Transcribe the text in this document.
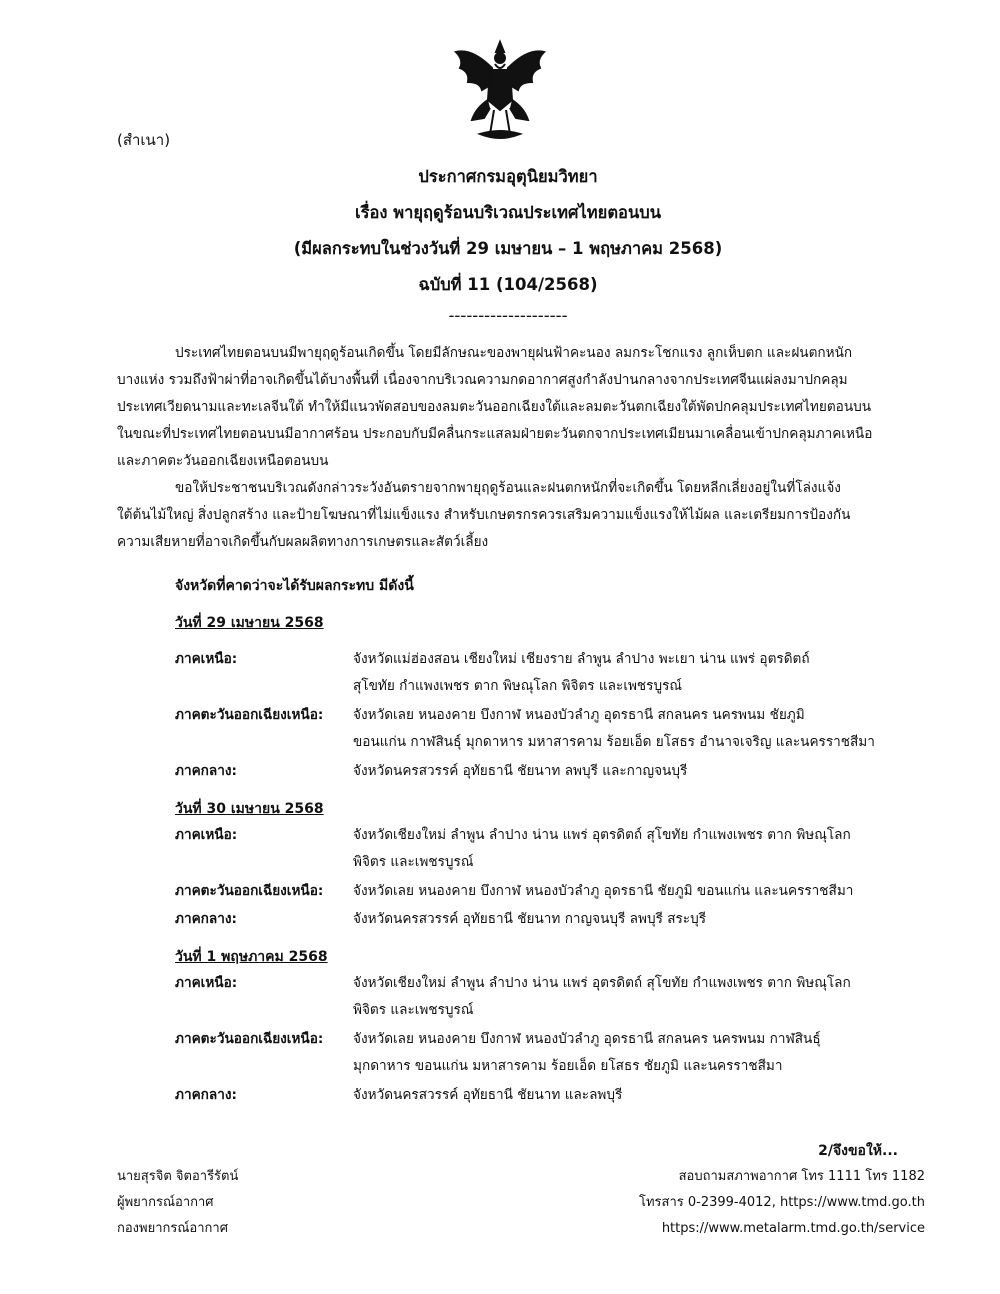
(สำเนา)
ประกาศกรมอุตุนิยมวิทยา
เรื่อง พายุฤดูร้อนบริเวณประเทศไทยตอนบน
(มีผลกระทบในช่วงวันที่ 29 เมษายน – 1 พฤษภาคม 2568)
ฉบับที่ 11 (104/2568)
--------------------

ประเทศไทยตอนบนมีพายุฤดูร้อนเกิดขึ้น โดยมีลักษณะของพายุฝนฟ้าคะนอง ลมกระโชกแรง ลูกเห็บตก และฝนตกหนัก

บางแห่ง รวมถึงฟ้าผ่าที่อาจเกิดขึ้นได้บางพื้นที่ เนื่องจากบริเวณความกดอากาศสูงกำลังปานกลางจากประเทศจีนแผ่ลงมาปกคลุม

ประเทศเวียดนามและทะเลจีนใต้ ทำให้มีแนวพัดสอบของลมตะวันออกเฉียงใต้และลมตะวันตกเฉียงใต้พัดปกคลุมประเทศไทยตอนบน

ในขณะที่ประเทศไทยตอนบนมีอากาศร้อน ประกอบกับมีคลื่นกระแสลมฝ่ายตะวันตกจากประเทศเมียนมาเคลื่อนเข้าปกคลุมภาคเหนือ

และภาคตะวันออกเฉียงเหนือตอนบน

ขอให้ประชาชนบริเวณดังกล่าวระวังอันตรายจากพายุฤดูร้อนและฝนตกหนักที่จะเกิดขึ้น โดยหลีกเลี่ยงอยู่ในที่โล่งแจ้ง

ใต้ต้นไม้ใหญ่ สิ่งปลูกสร้าง และป้ายโฆษณาที่ไม่แข็งแรง สำหรับเกษตรกรควรเสริมความแข็งแรงให้ไม้ผล และเตรียมการป้องกัน

ความเสียหายที่อาจเกิดขึ้นกับผลผลิตทางการเกษตรและสัตว์เลี้ยง

จังหวัดที่คาดว่าจะได้รับผลกระทบ มีดังนี้
วันที่ 29 เมษายน 2568
ภาคเหนือ:	จังหวัดแม่ฮ่องสอน เชียงใหม่ เชียงราย ลำพูน ลำปาง พะเยา น่าน แพร่ อุตรดิตถ์
สุโขทัย กำแพงเพชร ตาก พิษณุโลก พิจิตร และเพชรบูรณ์
ภาคตะวันออกเฉียงเหนือ: จังหวัดเลย หนองคาย บึงกาฬ หนองบัวลำภู อุดรธานี สกลนคร นครพนม ชัยภูมิ
ขอนแก่น กาฬสินธุ์ มุกดาหาร มหาสารคาม ร้อยเอ็ด ยโสธร อำนาจเจริญ และนครราชสีมา
ภาคกลาง:	จังหวัดนครสวรรค์ อุทัยธานี ชัยนาท ลพบุรี และกาญจนบุรี
วันที่ 30 เมษายน 2568
ภาคเหนือ:	จังหวัดเชียงใหม่ ลำพูน ลำปาง น่าน แพร่ อุตรดิตถ์ สุโขทัย กำแพงเพชร ตาก พิษณุโลก
พิจิตร และเพชรบูรณ์
ภาคตะวันออกเฉียงเหนือ: จังหวัดเลย หนองคาย บึงกาฬ หนองบัวลำภู อุดรธานี ชัยภูมิ ขอนแก่น และนครราชสีมา
ภาคกลาง:	จังหวัดนครสวรรค์ อุทัยธานี ชัยนาท กาญจนบุรี ลพบุรี สระบุรี
วันที่ 1 พฤษภาคม 2568
ภาคเหนือ:	จังหวัดเชียงใหม่ ลำพูน ลำปาง น่าน แพร่ อุตรดิตถ์ สุโขทัย กำแพงเพชร ตาก พิษณุโลก
พิจิตร และเพชรบูรณ์
ภาคตะวันออกเฉียงเหนือ: จังหวัดเลย หนองคาย บึงกาฬ หนองบัวลำภู อุดรธานี สกลนคร นครพนม กาฬสินธุ์
มุกดาหาร ขอนแก่น มหาสารคาม ร้อยเอ็ด ยโสธร ชัยภูมิ และนครราชสีมา
ภาคกลาง:	จังหวัดนครสวรรค์ อุทัยธานี ชัยนาท และลพบุรี
2/จึงขอให้...
นายสุรจิต จิตอารีรัตน์
ผู้พยากรณ์อากาศ
กองพยากรณ์อากาศ
สอบถามสภาพอากาศ โทร 1111 โทร 1182
โทรสาร 0-2399-4012, https://www.tmd.go.th
https://www.metalarm.tmd.go.th/service
